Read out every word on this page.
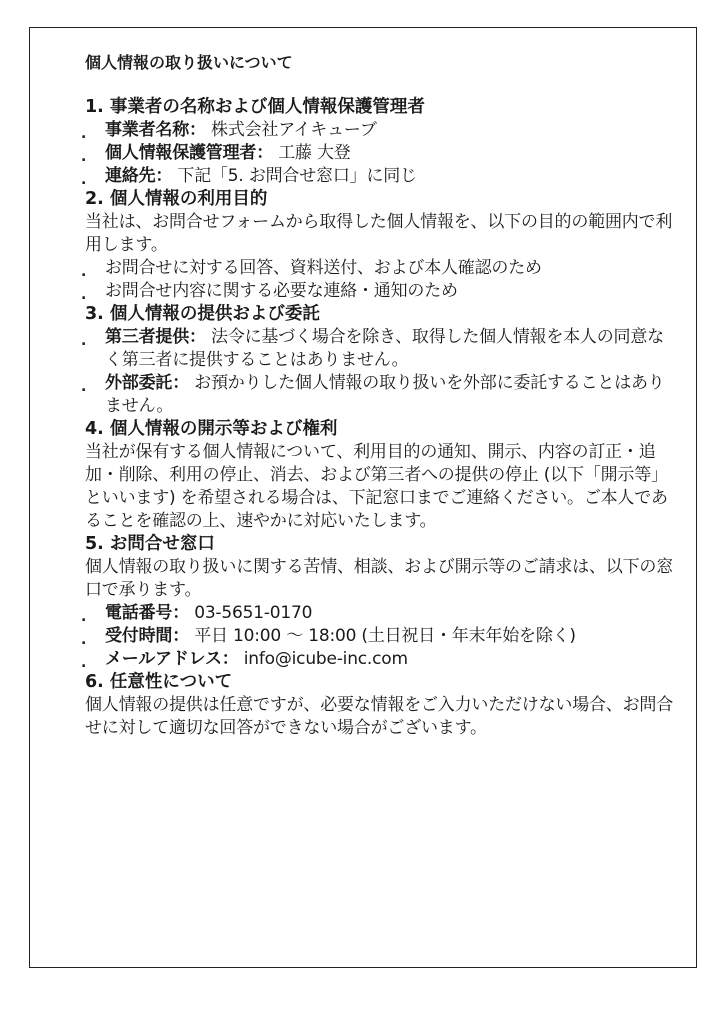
個人情報の取り扱いについて

1. 事業者の名称および個人情報保護管理者

. 事業者名称： 株式会社アイキューブ

. 個人情報保護管理者： 工藤 大登

. 連絡先： 下記「5. お問合せ窓口」に同じ

2. 個人情報の利用目的

当社は、お問合せフォームから取得した個人情報を、以下の目的の範囲内で利用します。

. お問合せに対する回答、資料送付、および本人確認のため

. お問合せ内容に関する必要な連絡・通知のため

3. 個人情報の提供および委託

. 第三者提供： 法令に基づく場合を除き、取得した個人情報を本人の同意なく第三者に提供することはありません。

. 外部委託： お預かりした個人情報の取り扱いを外部に委託することはありません。

4. 個人情報の開示等および権利

当社が保有する個人情報について、利用目的の通知、開示、内容の訂正・追加・削除、利用の停止、消去、および第三者への提供の停止 (以下「開示等」といいます) を希望される場合は、下記窓口までご連絡ください。ご本人であることを確認の上、速やかに対応いたします。

5. お問合せ窓口

個人情報の取り扱いに関する苦情、相談、および開示等のご請求は、以下の窓口で承ります。

. 電話番号： 03-5651-0170

. 受付時間： 平日 10:00 ～ 18:00 (土日祝日・年末年始を除く)

. メールアドレス： info@icube-inc.com

6. 任意性について

個人情報の提供は任意ですが、必要な情報をご入力いただけない場合、お問合せに対して適切な回答ができない場合がございます。
